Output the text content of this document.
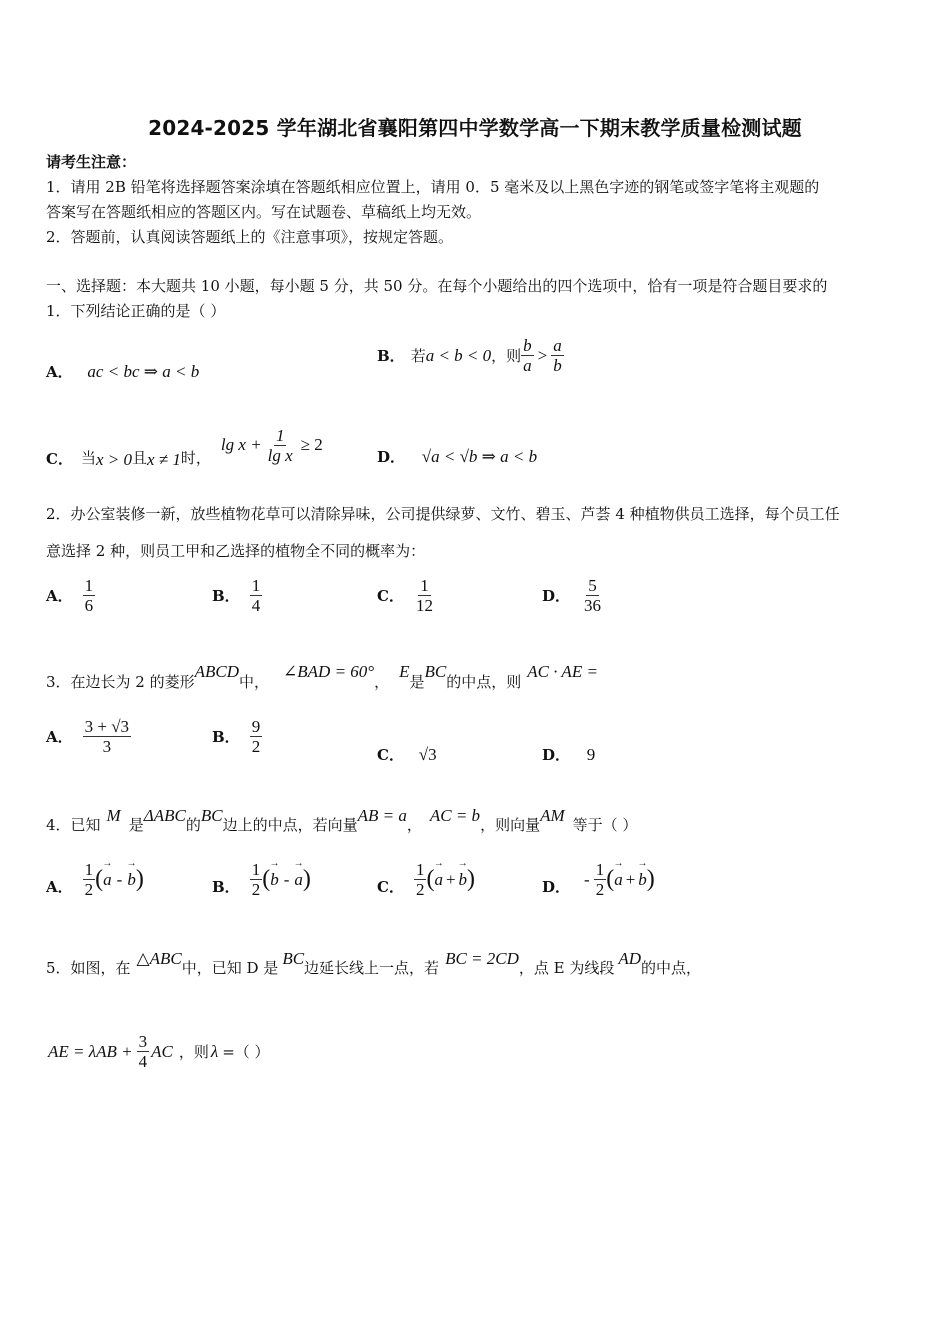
2024-2025 学年湖北省襄阳第四中学数学高一下期末教学质量检测试题
请考生注意：
1．请用 2B 铅笔将选择题答案涂填在答题纸相应位置上，请用 0．5 毫米及以上黑色字迹的钢笔或签字笔将主观题的
答案写在答题纸相应的答题区内。写在试题卷、草稿纸上均无效。
2．答题前，认真阅读答题纸上的《注意事项》，按规定答题。
一、选择题：本大题共 10 小题，每小题 5 分，共 50 分。在每个小题给出的四个选项中，恰有一项是符合题目要求的
1．下列结论正确的是（ ）
A． ac < bc ⇒ a < b
B． 若 a < b < 0 ，则 $\frac{b}{a} > \frac{a}{b}$
C． 当 x > 0 且 x ≠ 1 时，
$\lg x + \frac{1}{\text{lg x}} \ge 2$
D． √a < √b ⇒ a < b
2．办公室装修一新，放些植物花草可以清除异味，公司提供绿萝、文竹、碧玉、芦荟 4 种植物供员工选择，每个员工任
意选择 2 种，则员工甲和乙选择的植物全不同的概率为：
A． $\frac{1}{6}$	B． $\frac{1}{4}$	C． $\frac{1}{12}$	D． $\frac{5}{36}$
3．在边长为 2 的菱形
ABCD
中，
∠BAD = 60°
，
E
是
BC
的中点，则
AC · AE =
A． $\frac{3 + √3}{3}$	B． $\frac{9}{2}$	C． √3	D． 9
4．已知 M 是 ΔABC 的 BC 边上的中点，若向量 AB = a ， AC = b ，则向量 AM 等于（ ）
A． $\frac{1}{2}$ ( → a - → b )	B． $\frac{1}{2}$ ( → b - → a )	C． $\frac{1}{2}$ ( → a + → b )	D． - $\frac{1}{2}$ ( → a + → b )
5．如图，在 △ABC 中，已知 D 是 BC 边延长线上一点，若 BC = 2CD ，点 E 为线段 AD 的中点，
AE = $\lambda AB + \frac{3}{4}$ AC ，则 λ =（ ）
